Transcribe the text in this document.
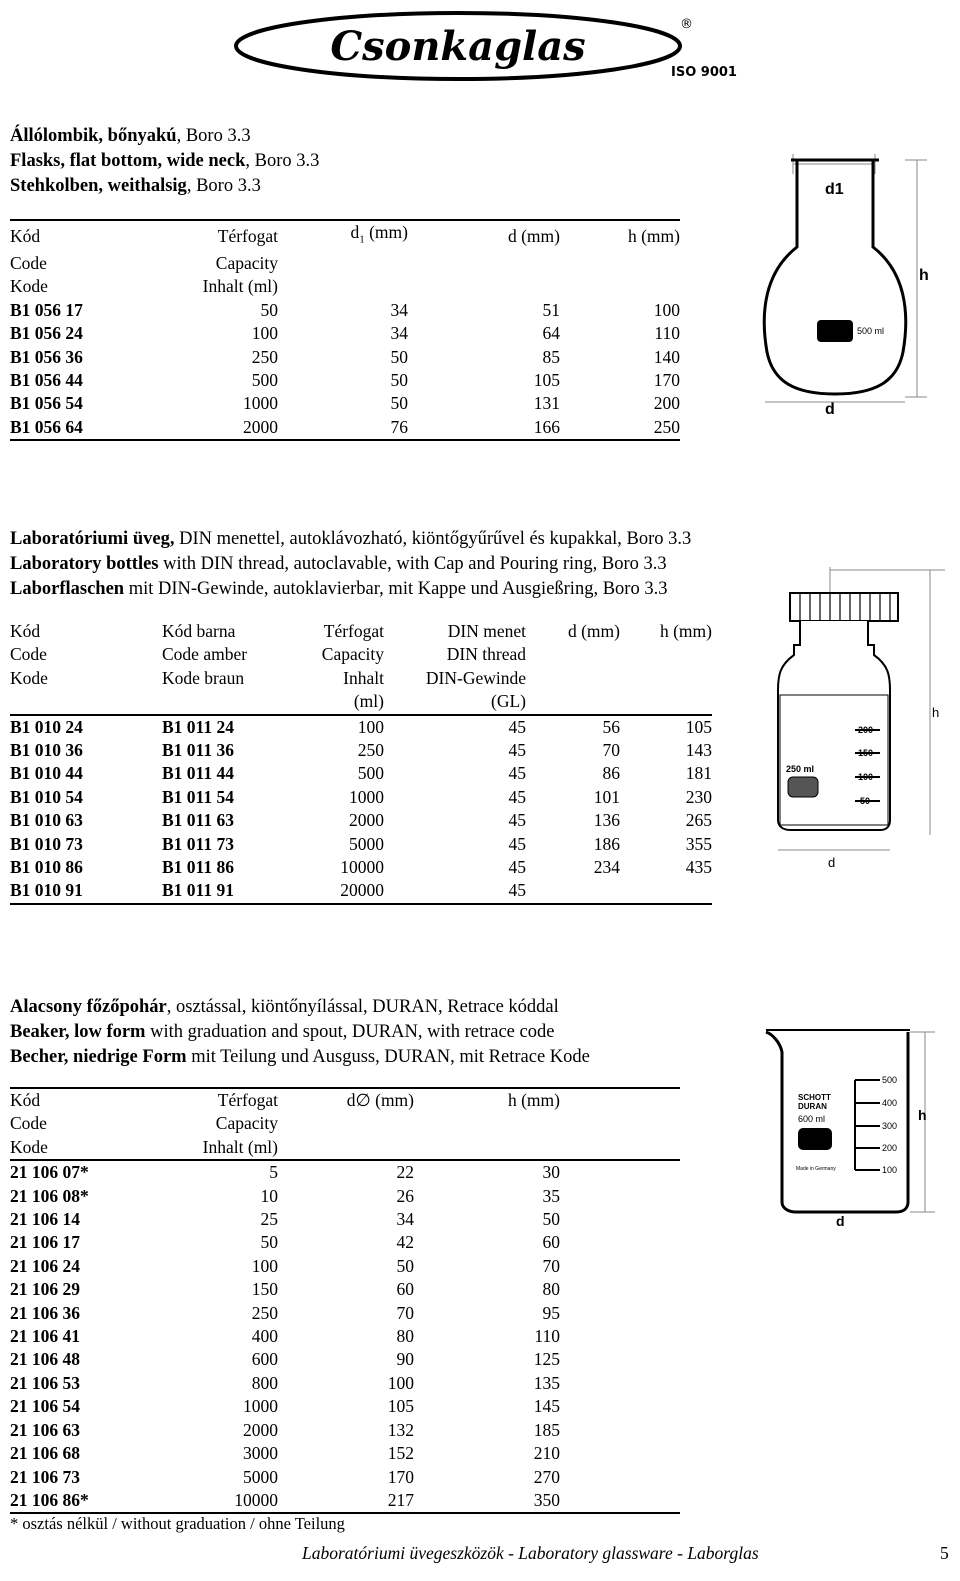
Csonkaglas	®
ISO 9001
Állólombik, bőnyakú, Boro 3.3
Flasks, flat bottom, wide neck, Boro 3.3
Stehkolben, weithalsig, Boro 3.3
Kód	Térfogat	$d_1$ (mm)	d (mm)	h (mm)
Code	Capacity			
Kode	Inhalt (ml)			
B1 056 17	50	34	51	100
B1 056 24	100	34	64	110
B1 056 36	250	50	85	140
B1 056 44	500	50	105	170
B1 056 54	1000	50	131	200
B1 056 64	2000	76	166	250
d1
h
500 ml
d
Laboratóriumi üveg, DIN menettel, autoklávozható, kiöntőgyűrűvel és kupakkal, Boro 3.3
Laboratory bottles with DIN thread, autoclavable, with Cap and Pouring ring, Boro 3.3
Laborflaschen mit DIN-Gewinde, autoklavierbar, mit Kappe und Ausgießring, Boro 3.3
Kód	Kód barna	Térfogat	DIN menet	d (mm)	h (mm)
Code	Code amber	Capacity	DIN thread		
Kode	Kode braun	Inhalt	DIN-Gewinde		
		(ml)	(GL)		
B1 010 24	B1 011 24	100	45	56	105
B1 010 36	B1 011 36	250	45	70	143
B1 010 44	B1 011 44	500	45	86	181
B1 010 54	B1 011 54	1000	45	101	230
B1 010 63	B1 011 63	2000	45	136	265
B1 010 73	B1 011 73	5000	45	186	355
B1 010 86	B1 011 86	10000	45	234	435
B1 010 91	B1 011 91	20000	45		
200
150
100
50
250 ml
h
d
Alacsony főzőpohár, osztással, kiöntőnyílással, DURAN, Retrace kóddal
Beaker, low form with graduation and spout, DURAN, with retrace code
Becher, niedrige Form mit Teilung und Ausguss, DURAN, mit Retrace Kode
Kód	Térfogat	d∅ (mm)	h (mm)	
Code	Capacity			
Kode	Inhalt (ml)			
21 106 07*	5	22	30	
21 106 08*	10	26	35	
21 106 14	25	34	50	
21 106 17	50	42	60	
21 106 24	100	50	70	
21 106 29	150	60	80	
21 106 36	250	70	95	
21 106 41	400	80	110	
21 106 48	600	90	125	
21 106 53	800	100	135	
21 106 54	1000	105	145	
21 106 63	2000	132	185	
21 106 68	3000	152	210	
21 106 73	5000	170	270	
21 106 86*	10000	217	350	
* osztás nélkül / without graduation / ohne Teilung
500
400
300
200
100
SCHOTT
DURAN
600 ml
Made in Germany
h
d
Laboratóriumi üvegeszközök - Laboratory glassware - Laborglas	5
